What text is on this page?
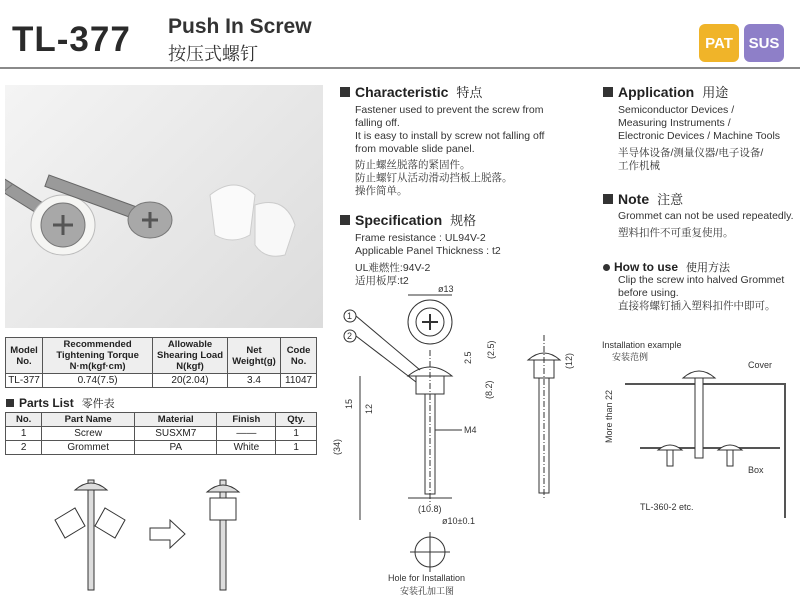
TL-377 Push In Screw
按压式螺钉
PAT	SUS
Model No.	Recommended Tightening Torque N·m(kgf·cm)	Allowable Shearing Load N(kgf)	Net Weight(g)	Code No.
TL-377	0.74(7.5)	20(2.04)	3.4	11047
Parts List 零件表
No.	Part Name	Material	Finish	Qty.
1	Screw	SUSXM7	——	1
2	Grommet	PA	White	1
Characteristic 特点
Fastener used to prevent the screw from
falling off.
It is easy to install by screw not falling off
from movable slide panel.
防止螺丝脱落的紧固件。
防止螺钉从活动滑动挡板上脱落。
操作简单。
Specification 规格
Frame resistance : UL94V-2
Applicable Panel Thickness : t2
UL难燃性:94V-2
适用板厚:t2
Application 用途
Semiconductor Devices /
Measuring Instruments /
Electronic Devices / Machine Tools
半导体设备/测量仪器/电子设备/
工作机械
Note 注意
Grommet can not be used repeatedly.
塑料扣件不可重复使用。
How to use 使用方法
Clip the screw into halved Grommet
before using.
直接将螺钉插入塑料扣件中即可。
ø13
1
2
15 12
(34)
2.5 (2.5)
(8.2)
M4
(10.8)
(12)
ø10±0.1
Hole for Installation
安装孔加工图
Installation example
安装范例
Cover
More than 22
Box
TL-360-2 etc.
